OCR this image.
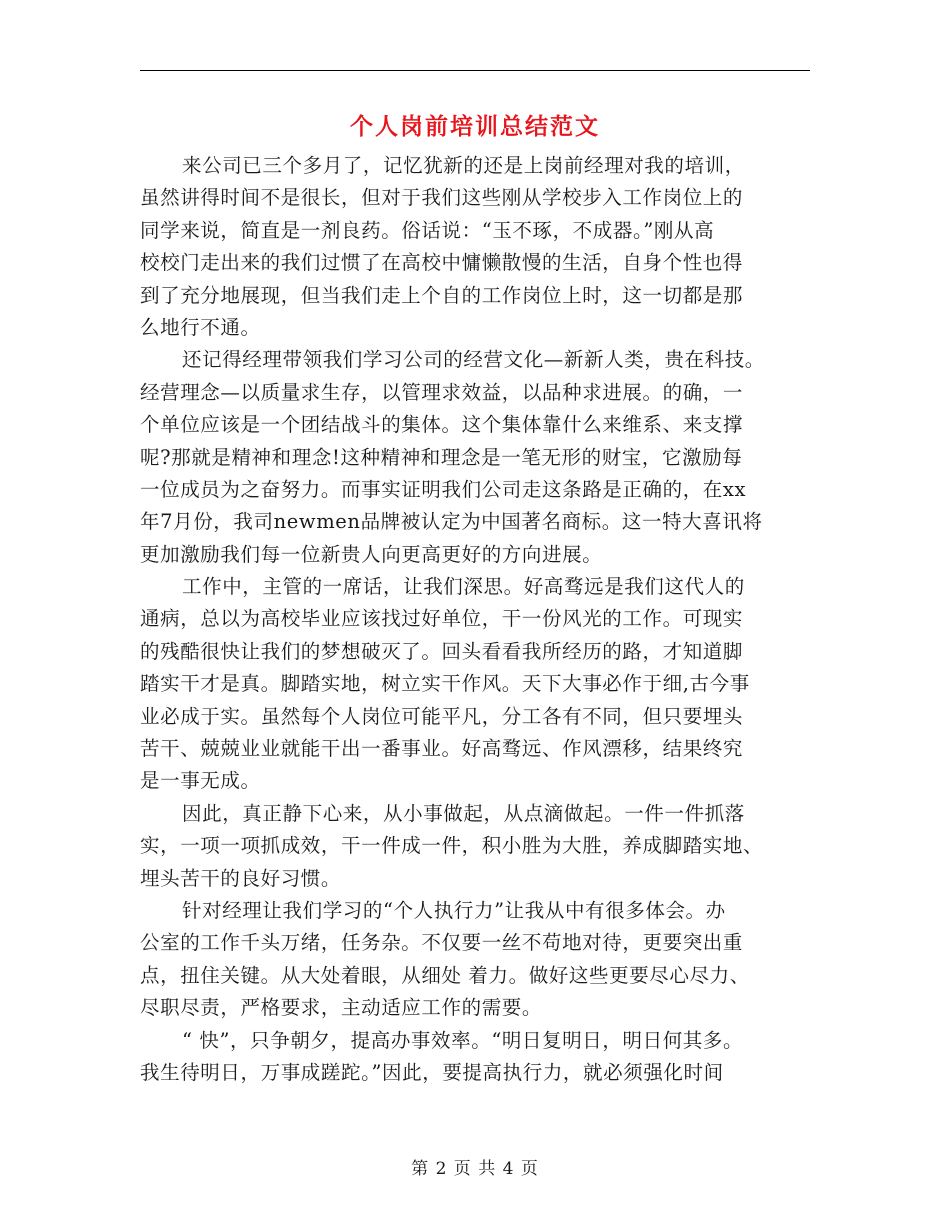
个人岗前培训总结范文
来公司已三个多月了，记忆犹新的还是上岗前经理对我的培训，
虽然讲得时间不是很长，但对于我们这些刚从学校步入工作岗位上的
同学来说，简直是一剂良药。俗话说：“玉不琢，不成器。”刚从高
校校门走出来的我们过惯了在高校中慵懒散慢的生活，自身个性也得
到了充分地展现，但当我们走上个自的工作岗位上时，这一切都是那
么地行不通。
还记得经理带领我们学习公司的经营文化—新新人类，贵在科技。
经营理念—以质量求生存，以管理求效益，以品种求进展。的确，一
个单位应该是一个团结战斗的集体。这个集体靠什么来维系、来支撑
呢?那就是精神和理念!这种精神和理念是一笔无形的财宝，它激励每
一位成员为之奋努力。而事实证明我们公司走这条路是正确的，在xx
年7月份，我司newmen品牌被认定为中国著名商标。这一特大喜讯将
更加激励我们每一位新贵人向更高更好的方向进展。
工作中，主管的一席话，让我们深思。好高骛远是我们这代人的
通病，总以为高校毕业应该找过好单位，干一份风光的工作。可现实
的残酷很快让我们的梦想破灭了。回头看看我所经历的路，才知道脚
踏实干才是真。脚踏实地，树立实干作风。天下大事必作于细,古今事
业必成于实。虽然每个人岗位可能平凡，分工各有不同，但只要埋头
苦干、兢兢业业就能干出一番事业。好高骛远、作风漂移，结果终究
是一事无成。
因此，真正静下心来，从小事做起，从点滴做起。一件一件抓落
实，一项一项抓成效，干一件成一件，积小胜为大胜，养成脚踏实地、
埋头苦干的良好习惯。
针对经理让我们学习的“个人执行力”让我从中有很多体会。办
公室的工作千头万绪，任务杂。不仅要一丝不苟地对待，更要突出重
点，扭住关键。从大处着眼，从细处 着力。做好这些更要尽心尽力、
尽职尽责，严格要求，主动适应工作的需要。
“ 快”，只争朝夕，提高办事效率。“明日复明日，明日何其多。
我生待明日，万事成蹉跎。”因此，要提高执行力，就必须强化时间
第 2 页 共 4 页
